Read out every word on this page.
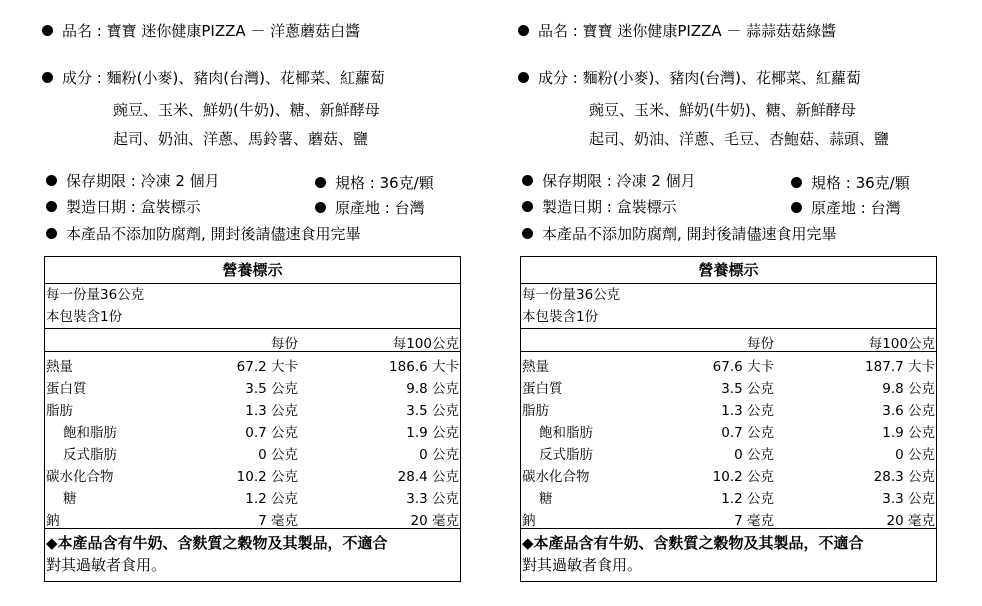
品名 : 寶寶 迷你健康PIZZA － 洋蔥蘑菇白醬
成分 : 麵粉(小麥)、豬肉(台灣)、花椰菜、紅蘿蔔
豌豆、玉米、鮮奶(牛奶)、糖、新鮮酵母
起司、奶油、洋蔥、馬鈴薯、蘑菇、鹽
保存期限 : 冷凍 2 個月	規格 : 36克/顆
製造日期 : 盒裝標示	原產地 : 台灣
本產品不添加防腐劑, 開封後請儘速食用完畢
營養標示
每一份量36公克
本包裝含1份
每份	每100公克
熱量	67.2 大卡	186.6 大卡
蛋白質	3.5 公克	9.8 公克
脂肪	1.3 公克	3.5 公克
飽和脂肪	0.7 公克	1.9 公克
反式脂肪	0 公克	0 公克
碳水化合物	10.2 公克	28.4 公克
糖	1.2 公克	3.3 公克
鈉	7 毫克	20 毫克
◆本產品含有牛奶、含麩質之穀物及其製品，不適合
對其過敏者食用。
品名 : 寶寶 迷你健康PIZZA － 蒜蒜菇菇綠醬
成分 : 麵粉(小麥)、豬肉(台灣)、花椰菜、紅蘿蔔
豌豆、玉米、鮮奶(牛奶)、糖、新鮮酵母
起司、奶油、洋蔥、毛豆、杏鮑菇、蒜頭、鹽
保存期限 : 冷凍 2 個月	規格 : 36克/顆
製造日期 : 盒裝標示	原產地 : 台灣
本產品不添加防腐劑, 開封後請儘速食用完畢
營養標示
每一份量36公克
本包裝含1份
每份	每100公克
熱量	67.6 大卡	187.7 大卡
蛋白質	3.5 公克	9.8 公克
脂肪	1.3 公克	3.6 公克
飽和脂肪	0.7 公克	1.9 公克
反式脂肪	0 公克	0 公克
碳水化合物	10.2 公克	28.3 公克
糖	1.2 公克	3.3 公克
鈉	7 毫克	20 毫克
◆本產品含有牛奶、含麩質之穀物及其製品，不適合
對其過敏者食用。
